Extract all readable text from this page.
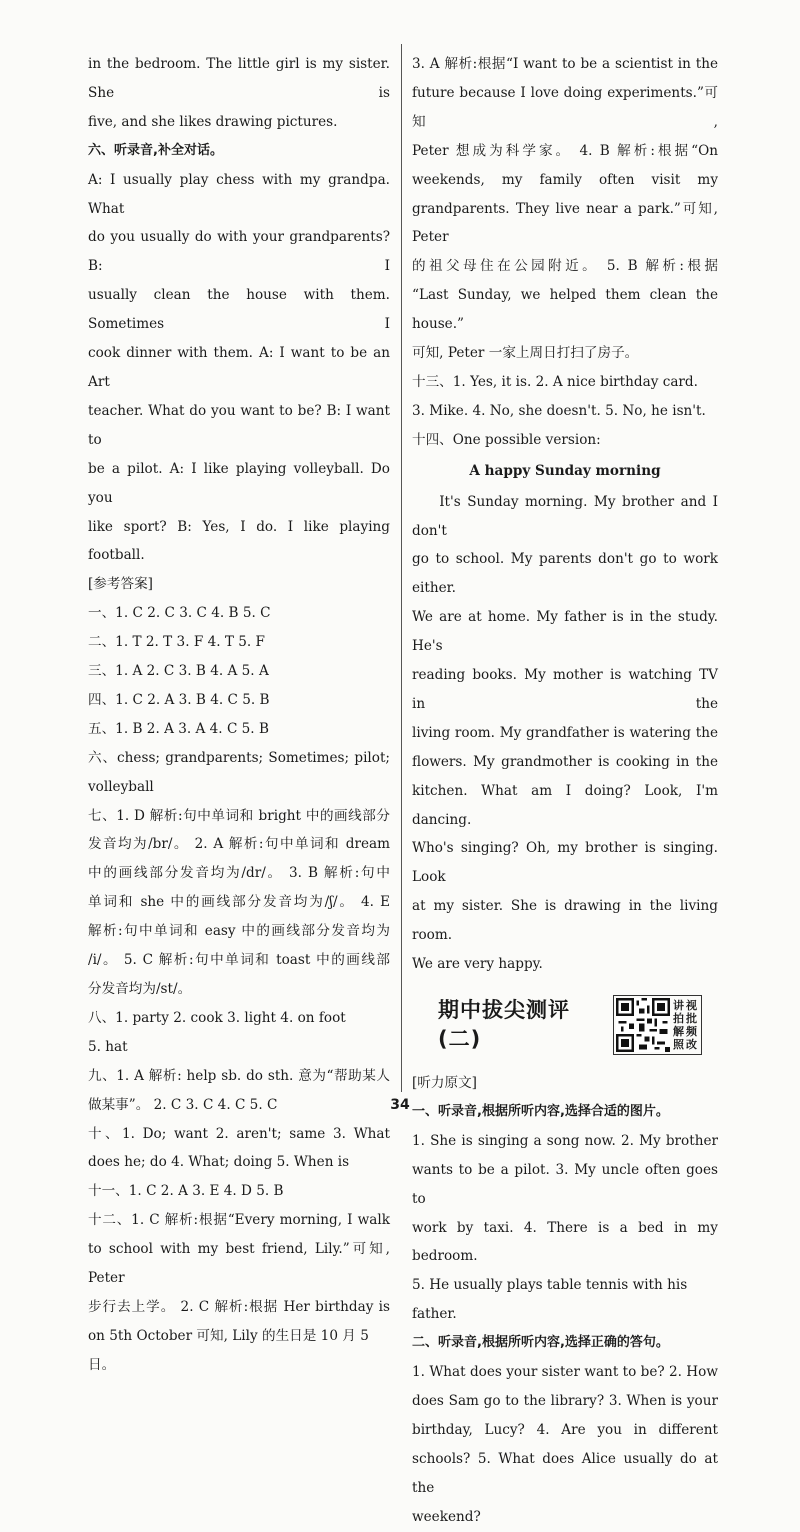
in the bedroom. The little girl is my sister. She is

five, and she likes drawing pictures.

六、听录音,补全对话。

A: I usually play chess with my grandpa. What

do you usually do with your grandparents? B: I

usually clean the house with them. Sometimes I

cook dinner with them. A: I want to be an Art

teacher. What do you want to be? B: I want to

be a pilot. A: I like playing volleyball. Do you

like sport? B: Yes, I do. I like playing

football.

[参考答案]

一、1. C 2. C 3. C 4. B 5. C

二、1. T 2. T 3. F 4. T 5. F

三、1. A 2. C 3. B 4. A 5. A

四、1. C 2. A 3. B 4. C 5. B

五、1. B 2. A 3. A 4. C 5. B

六、chess; grandparents; Sometimes; pilot;

volleyball

七、1. D 解析:句中单词和 bright 中的画线部分

发音均为/br/。 2. A 解析:句中单词和 dream

中的画线部分发音均为/dr/。 3. B 解析:句中

单词和 she 中的画线部分发音均为/ʃ/。 4. E

解析:句中单词和 easy 中的画线部分发音均为

/i/。 5. C 解析:句中单词和 toast 中的画线部

分发音均为/st/。

八、1. party 2. cook 3. light 4. on foot

5. hat

九、1. A 解析: help sb. do sth. 意为“帮助某人

做某事”。 2. C 3. C 4. C 5. C

十、1. Do; want 2. aren't; same 3. What

does he; do 4. What; doing 5. When is

十一、1. C 2. A 3. E 4. D 5. B

十二、1. C 解析:根据“Every morning, I walk

to school with my best friend, Lily.”可知, Peter

步行去上学。 2. C 解析:根据 Her birthday is

on 5th October 可知, Lily 的生日是 10 月 5 日。

3. A 解析:根据“I want to be a scientist in the

future because I love doing experiments.”可知,

Peter 想成为科学家。 4. B 解析:根据“On

weekends, my family often visit my

grandparents. They live near a park.”可知, Peter

的祖父母住在公园附近。 5. B 解析:根据

“Last Sunday, we helped them clean the house.”

可知, Peter 一家上周日打扫了房子。

十三、1. Yes, it is. 2. A nice birthday card.

3. Mike. 4. No, she doesn't. 5. No, he isn't.

十四、One possible version:

A happy Sunday morning

It's Sunday morning. My brother and I don't

go to school. My parents don't go to work either.

We are at home. My father is in the study. He's

reading books. My mother is watching TV in the

living room. My grandfather is watering the

flowers. My grandmother is cooking in the

kitchen. What am I doing? Look, I'm dancing.

Who's singing? Oh, my brother is singing. Look

at my sister. She is drawing in the living room.

We are very happy.

期中拔尖测评(二)
讲
拍
解
照
视
批
频
改

[听力原文]

一、听录音,根据所听内容,选择合适的图片。

1. She is singing a song now. 2. My brother

wants to be a pilot. 3. My uncle often goes to

work by taxi. 4. There is a bed in my bedroom.

5. He usually plays table tennis with his father.

二、听录音,根据所听内容,选择正确的答句。

1. What does your sister want to be? 2. How

does Sam go to the library? 3. When is your

birthday, Lucy? 4. Are you in different

schools? 5. What does Alice usually do at the

weekend?

34
